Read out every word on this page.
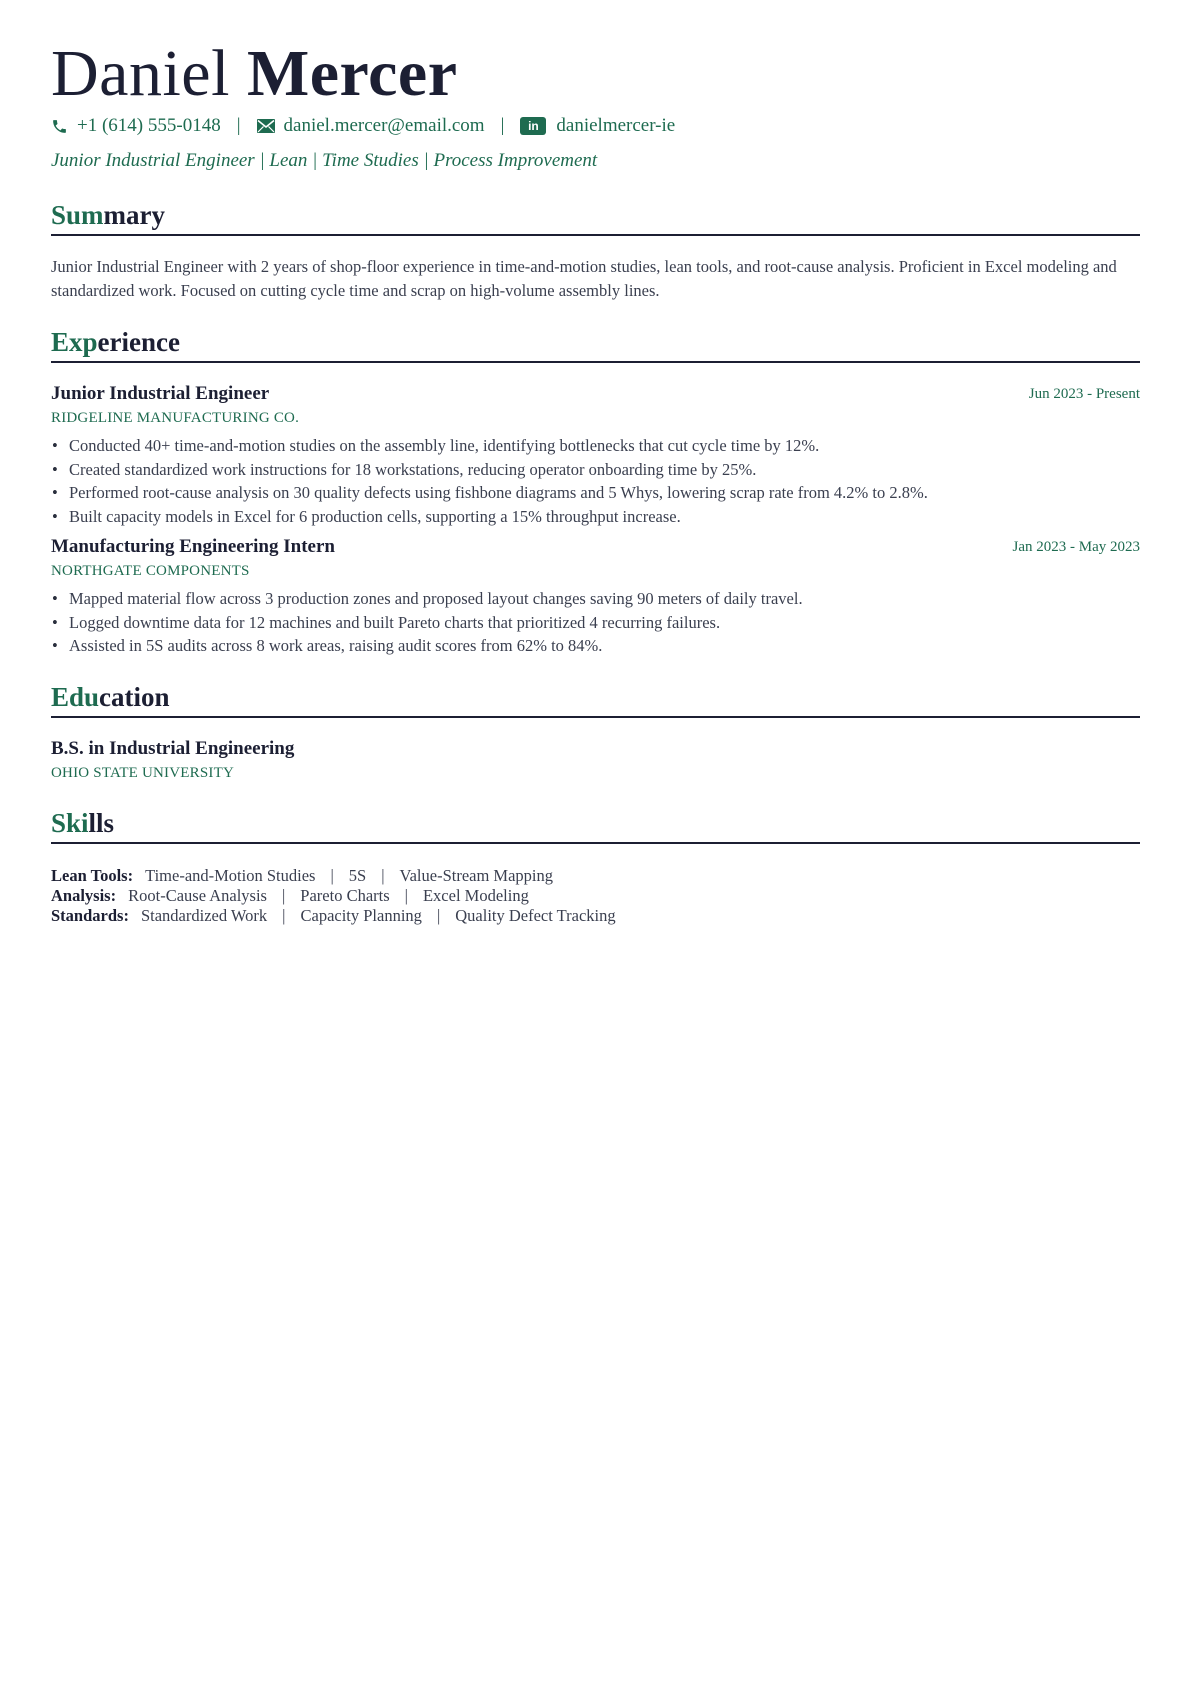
Daniel Mercer
+1 (614) 555-0148 | daniel.mercer@email.com |	in danielmercer-ie
Junior Industrial Engineer | Lean | Time Studies | Process Improvement
Summary

Junior Industrial Engineer with 2 years of shop-floor experience in time-and-motion studies, lean tools, and root-cause analysis. Proficient in Excel modeling and standardized work. Focused on cutting cycle time and scrap on high-volume assembly lines.

Experience
Junior Industrial Engineer	Jun 2023 - Present
RIDGELINE MANUFACTURING CO.
• Conducted 40+ time-and-motion studies on the assembly line, identifying bottlenecks that cut cycle time by 12%.
• Created standardized work instructions for 18 workstations, reducing operator onboarding time by 25%.
• Performed root-cause analysis on 30 quality defects using fishbone diagrams and 5 Whys, lowering scrap rate from 4.2% to 2.8%.
• Built capacity models in Excel for 6 production cells, supporting a 15% throughput increase.
Manufacturing Engineering Intern	Jan 2023 - May 2023
NORTHGATE COMPONENTS
• Mapped material flow across 3 production zones and proposed layout changes saving 90 meters of daily travel.
• Logged downtime data for 12 machines and built Pareto charts that prioritized 4 recurring failures.
• Assisted in 5S audits across 8 work areas, raising audit scores from 62% to 84%.
Education
B.S. in Industrial Engineering
OHIO STATE UNIVERSITY
Skills
Lean Tools: Time-and-Motion Studies | 5S | Value-Stream Mapping
Analysis: Root-Cause Analysis | Pareto Charts | Excel Modeling
Standards: Standardized Work | Capacity Planning | Quality Defect Tracking
